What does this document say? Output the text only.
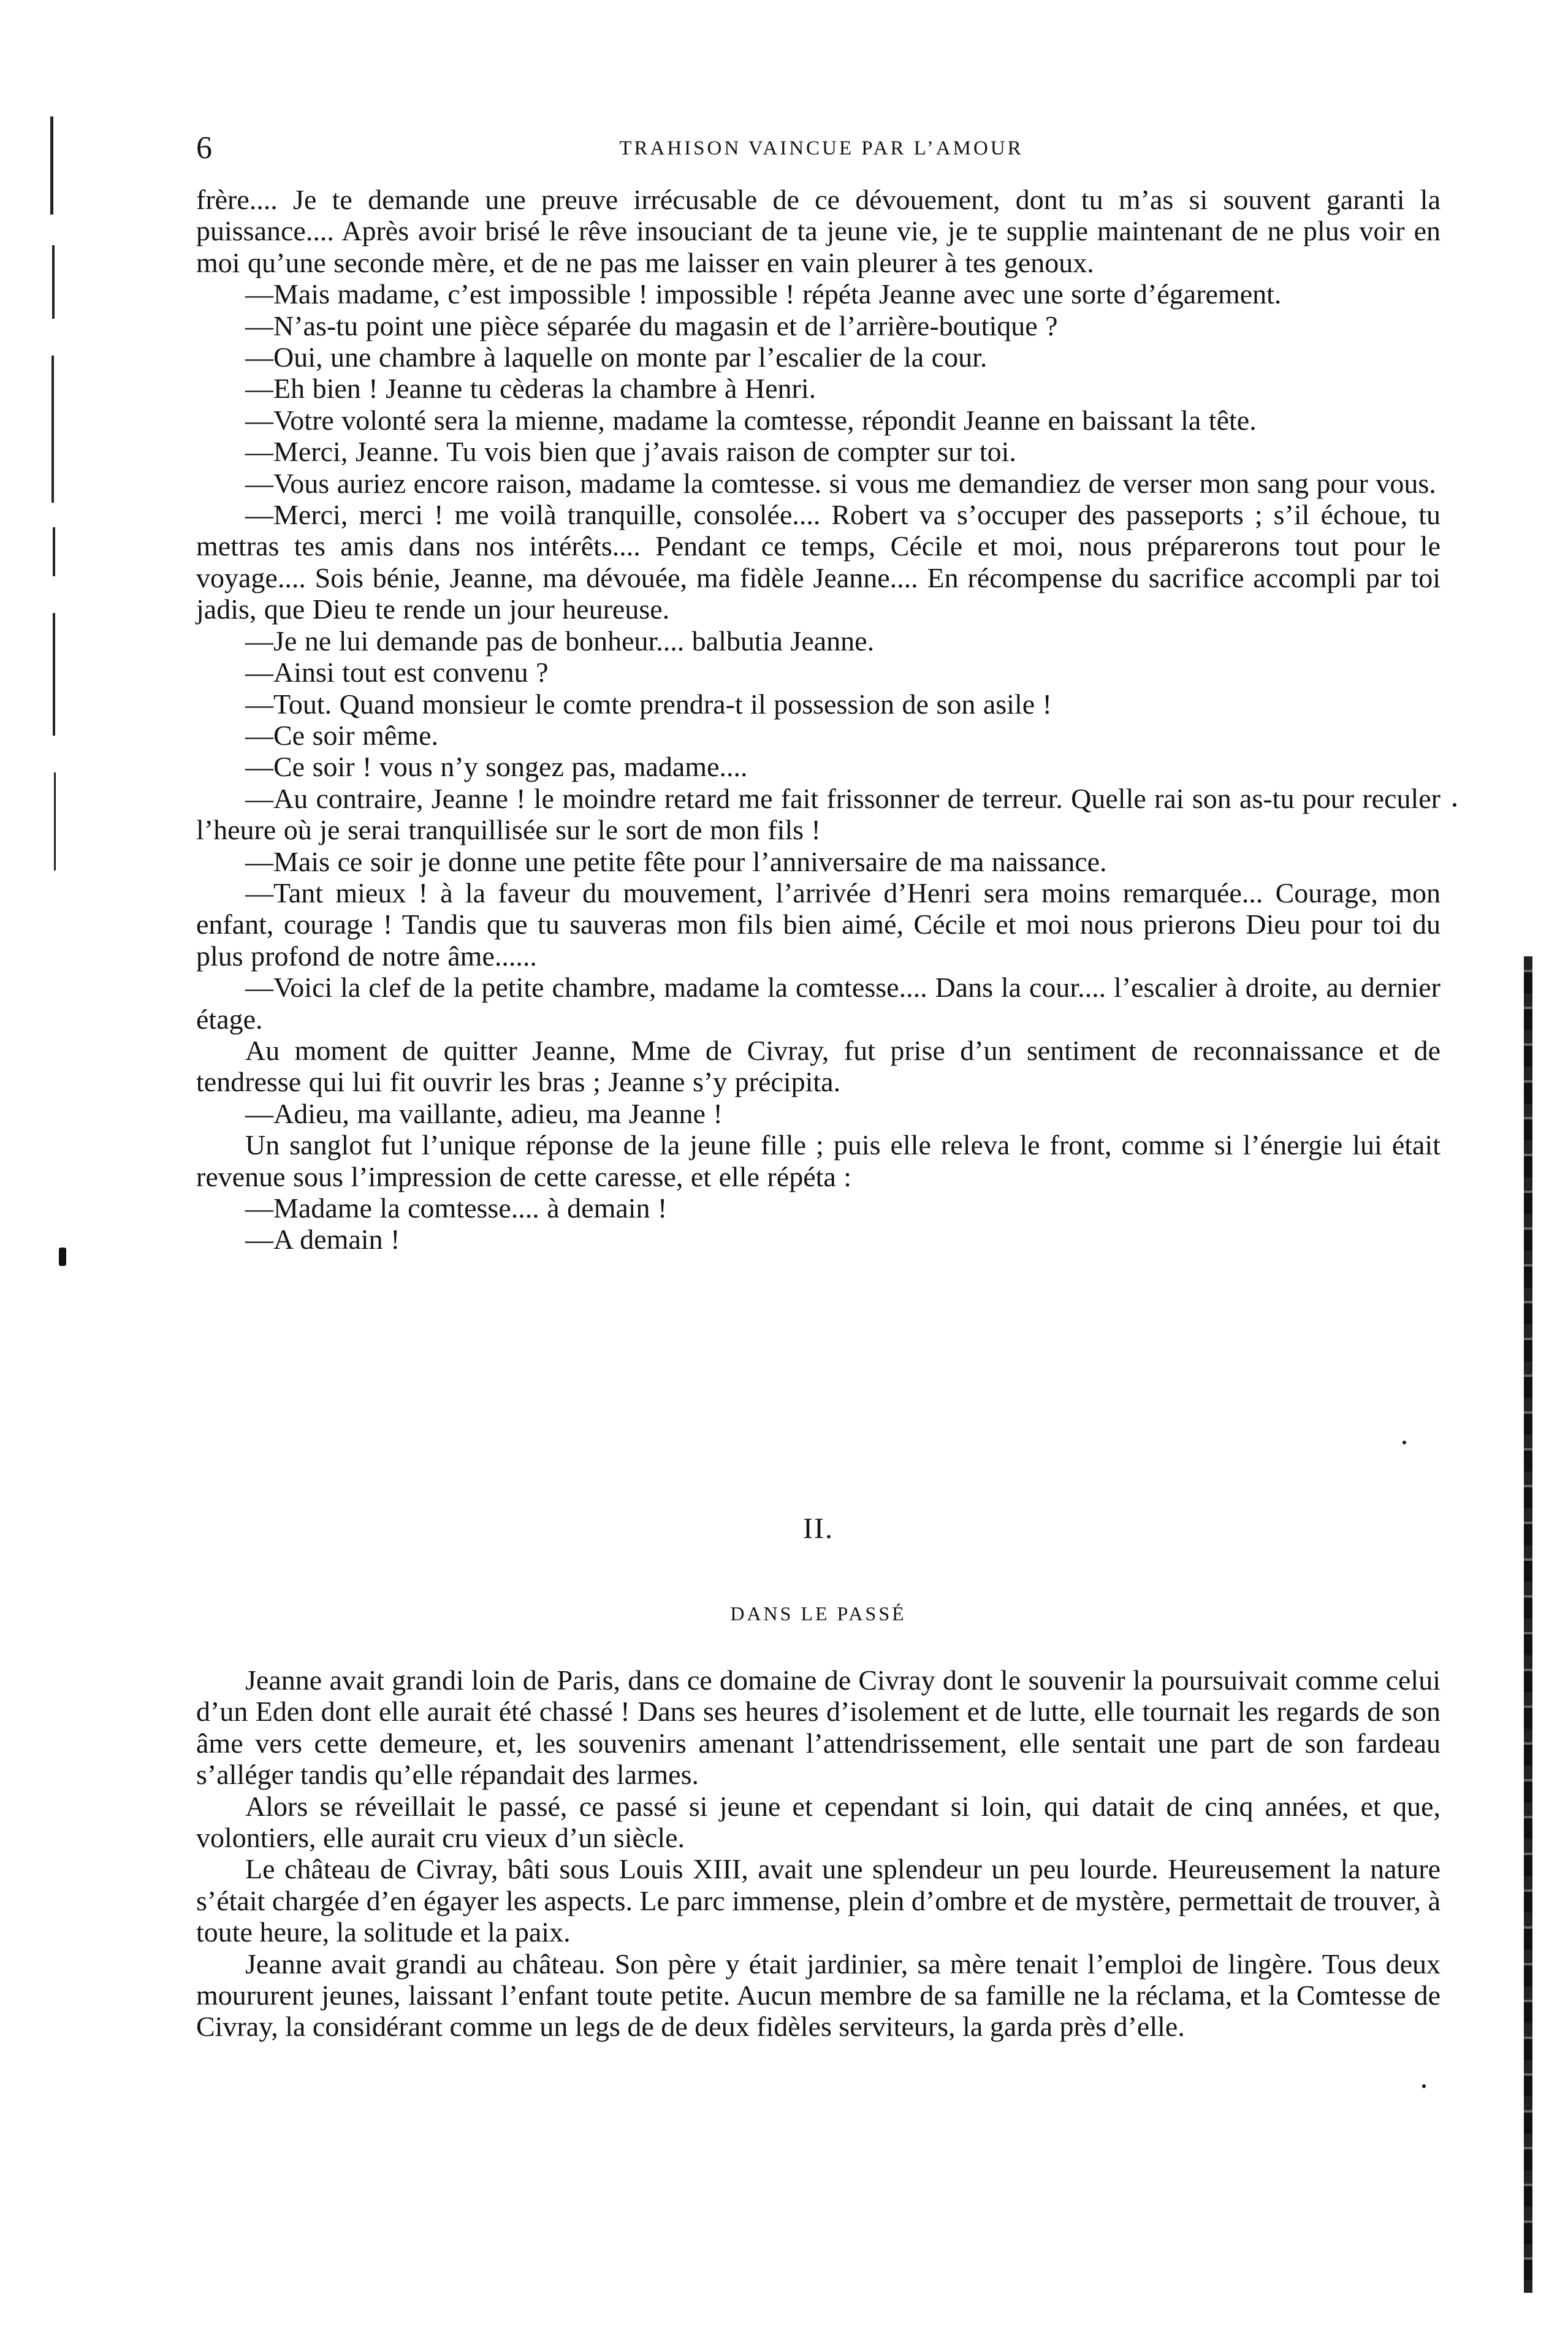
6	TRAHISON VAINCUE PAR L’AMOUR

frère.... Je te demande une preuve irrécusable de ce dévouement, dont tu m’as si souvent garanti la puissance.... Après avoir brisé le rêve insouciant de ta jeune vie, je te supplie maintenant de ne plus voir en moi qu’une seconde mère, et de ne pas me laisser en vain pleurer à tes genoux.

—Mais madame, c’est impossible ! impossible ! répéta Jeanne avec une sorte d’égarement.

—N’as-tu point une pièce séparée du magasin et de l’arrière-boutique ?

—Oui, une chambre à laquelle on monte par l’escalier de la cour.

—Eh bien ! Jeanne tu cèderas la chambre à Henri.

—Votre volonté sera la mienne, madame la comtesse, répondit Jeanne en baissant la tête.

—Merci, Jeanne. Tu vois bien que j’avais raison de compter sur toi.

—Vous auriez encore raison, madame la comtesse. si vous me demandiez de verser mon sang pour vous.

—Merci, merci ! me voilà tranquille, consolée.... Robert va s’occuper des passeports ; s’il échoue, tu mettras tes amis dans nos intérêts.... Pendant ce temps, Cécile et moi, nous préparerons tout pour le voyage.... Sois bénie, Jeanne, ma dévouée, ma fidèle Jeanne.... En récompense du sacrifice accompli par toi jadis, que Dieu te rende un jour heureuse.

—Je ne lui demande pas de bonheur.... balbutia Jeanne.

—Ainsi tout est convenu ?

—Tout. Quand monsieur le comte prendra-t il possession de son asile !

—Ce soir même.

—Ce soir ! vous n’y songez pas, madame....

—Au contraire, Jeanne ! le moindre retard me fait frissonner de terreur. Quelle rai son as-tu pour reculer l’heure où je serai tranquillisée sur le sort de mon fils !

—Mais ce soir je donne une petite fête pour l’anniversaire de ma naissance.

—Tant mieux ! à la faveur du mouvement, l’arrivée d’Henri sera moins remarquée... Courage, mon enfant, courage ! Tandis que tu sauveras mon fils bien aimé, Cécile et moi nous prierons Dieu pour toi du plus profond de notre âme......

—Voici la clef de la petite chambre, madame la comtesse.... Dans la cour.... l’escalier à droite, au dernier étage.

Au moment de quitter Jeanne, Mme de Civray, fut prise d’un sentiment de reconnaissance et de tendresse qui lui fit ouvrir les bras ; Jeanne s’y précipita.

—Adieu, ma vaillante, adieu, ma Jeanne !

Un sanglot fut l’unique réponse de la jeune fille ; puis elle releva le front, comme si l’énergie lui était revenue sous l’impression de cette caresse, et elle répéta :

—Madame la comtesse.... à demain !

—A demain !

II.
DANS LE PASSÉ

Jeanne avait grandi loin de Paris, dans ce domaine de Civray dont le souvenir la poursuivait comme celui d’un Eden dont elle aurait été chassé ! Dans ses heures d’isolement et de lutte, elle tournait les regards de son âme vers cette demeure, et, les souvenirs amenant l’attendrissement, elle sentait une part de son fardeau s’alléger tandis qu’elle répandait des larmes.

Alors se réveillait le passé, ce passé si jeune et cependant si loin, qui datait de cinq années, et que, volontiers, elle aurait cru vieux d’un siècle.

Le château de Civray, bâti sous Louis XIII, avait une splendeur un peu lourde. Heureusement la nature s’était chargée d’en égayer les aspects. Le parc immense, plein d’ombre et de mystère, permettait de trouver, à toute heure, la solitude et la paix.

Jeanne avait grandi au château. Son père y était jardinier, sa mère tenait l’emploi de lingère. Tous deux moururent jeunes, laissant l’enfant toute petite. Aucun membre de sa famille ne la réclama, et la Comtesse de Civray, la considérant comme un legs de de deux fidèles serviteurs, la garda près d’elle.
